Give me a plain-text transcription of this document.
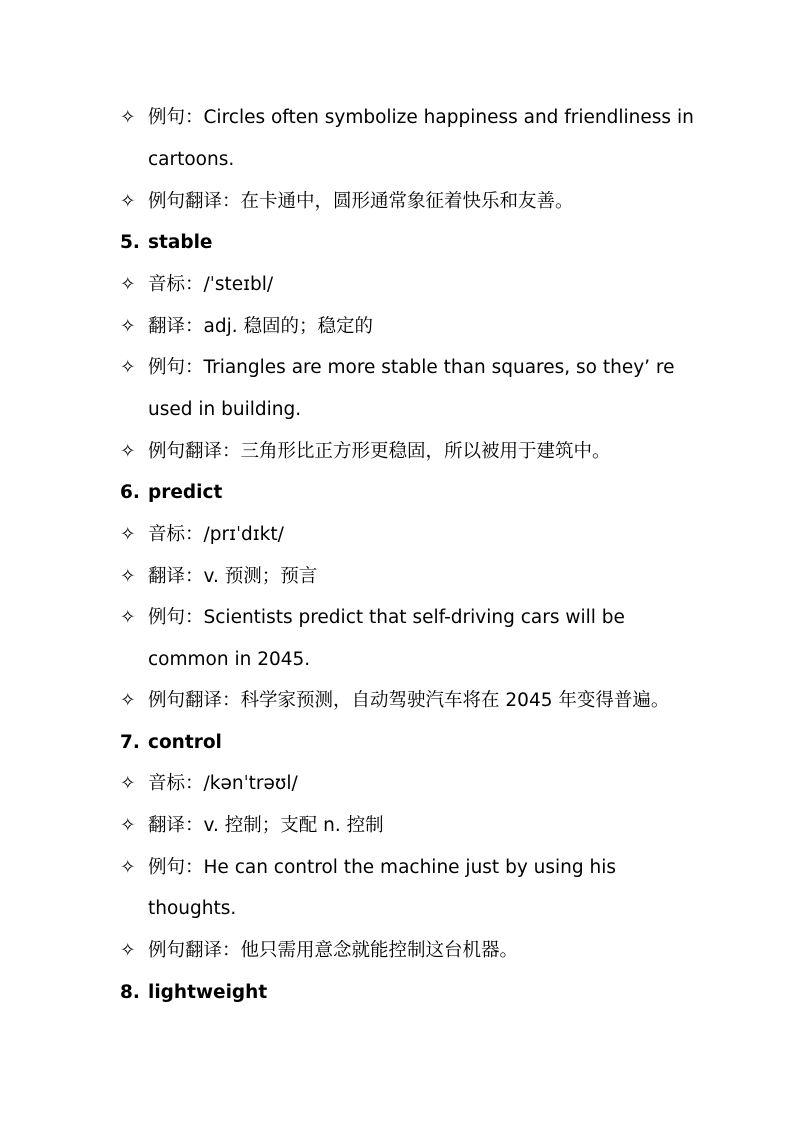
✧ 例句：Circles often symbolize happiness and friendliness in
cartoons.
✧ 例句翻译：在卡通中，圆形通常象征着快乐和友善。
5. stable
✧ 音标：/ˈsteɪbl/
✧ 翻译：adj. 稳固的；稳定的
✧ 例句：Triangles are more stable than squares, so they’ re
used in building.
✧ 例句翻译：三角形比正方形更稳固，所以被用于建筑中。
6. predict
✧ 音标：/prɪˈdɪkt/
✧ 翻译：v. 预测；预言
✧ 例句：Scientists predict that self-driving cars will be
common in 2045.
✧ 例句翻译：科学家预测，自动驾驶汽车将在 2045 年变得普遍。
7. control
✧ 音标：/kənˈtrəʊl/
✧ 翻译：v. 控制；支配 n. 控制
✧ 例句：He can control the machine just by using his
thoughts.
✧ 例句翻译：他只需用意念就能控制这台机器。
8. lightweight
